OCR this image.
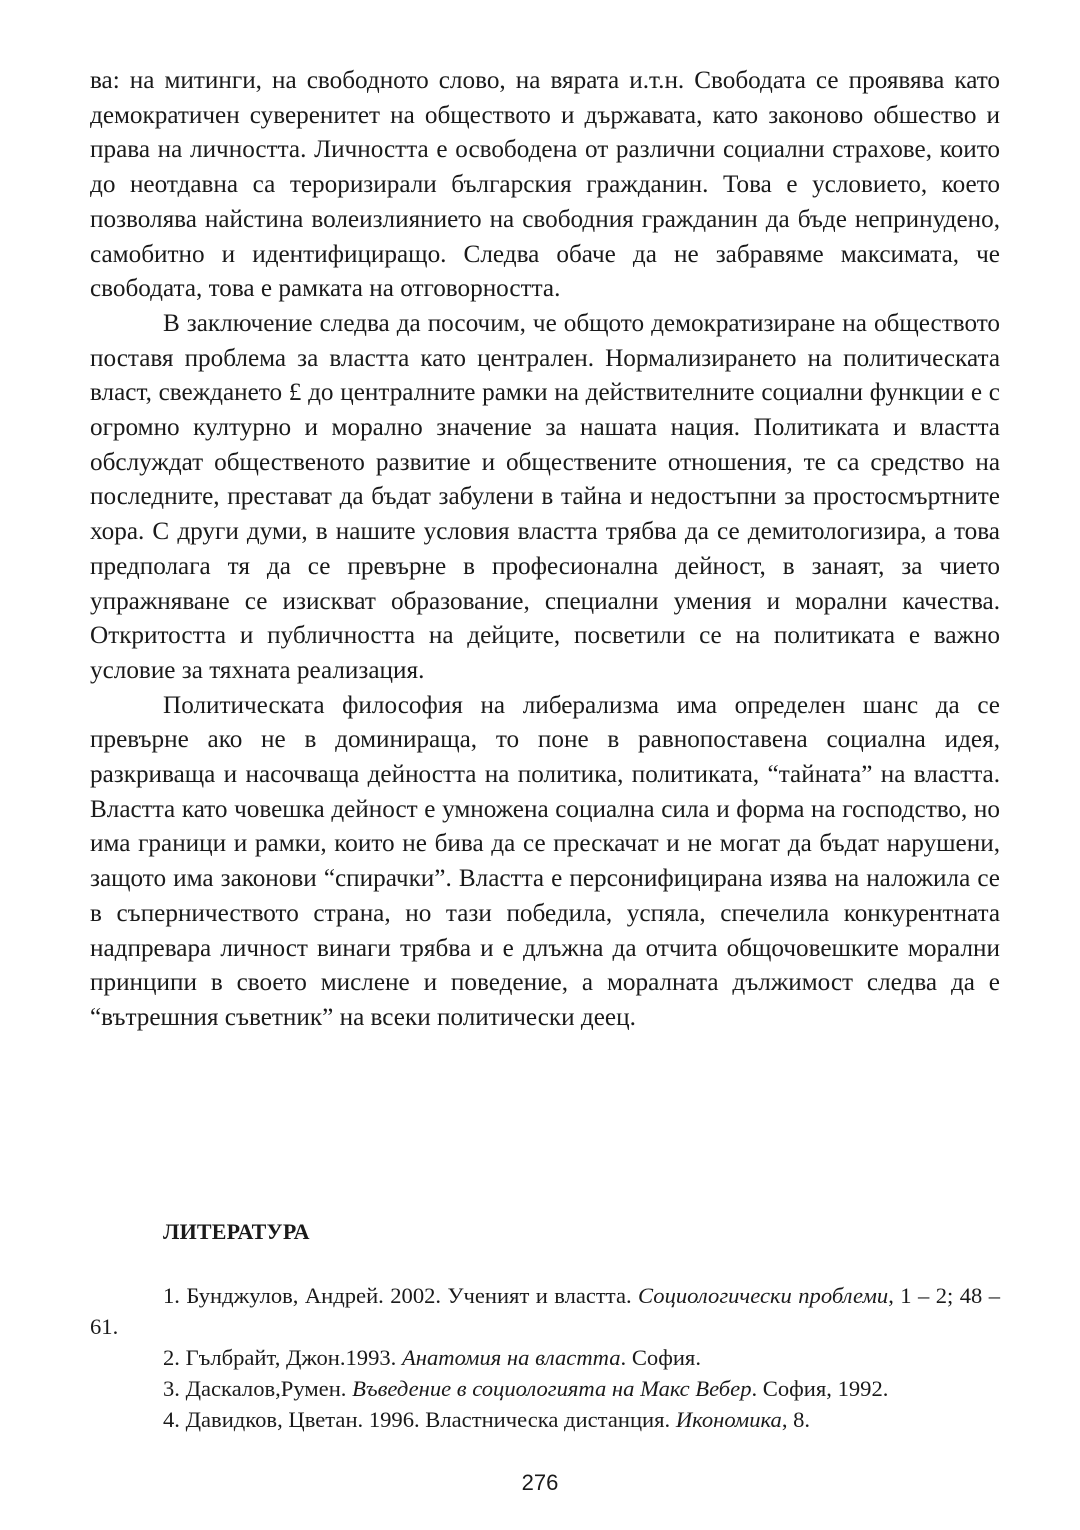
ва: на митинги, на свободното слово, на вярата и.т.н. Свободата се проявява като демократичен суверенитет на обществото и държавата, като законово обшество и права на личността. Личността е освободена от различни социални страхове, които до неотдавна са тероризирали българския гражданин. Това е условието, което позволява найстина волеизлиянието на свободния гражданин да бъде непринудено, самобитно и идентифициращо. Следва обаче да не забравяме максимата, че свободата, това е рамката на отговорността.

В заключение следва да посочим, че общото демократизиране на обществото поставя проблема за властта като централен. Нормализирането на политическата власт, свеждането £ до централните рамки на действителните социални функции е с огромно културно и морално значение за нашата нация. Политиката и властта обслуждат общественото развитие и обществените отношения, те са средство на последните, престават да бъдат забулени в тайна и недостъпни за простосмъртните хора. С други думи, в нашите условия властта трябва да се демитологизира, а това предполага тя да се превърне в професионална дейност, в занаят, за чието упражняване се изискват образование, специални умения и морални качества. Откритостта и публичността на дейците, посветили се на политиката е важно условие за тяхната реализация.

Политическата философия на либерализма има определен шанс да се превърне ако не в доминираща, то поне в равнопоставена социална идея, разкриваща и насочваща дейността на политика, политиката, “тайната” на властта. Властта като човешка дейност е умножена социална сила и форма на господство, но има граници и рамки, които не бива да се прескачат и не могат да бъдат нарушени, защото има законови “спирачки”. Властта е персонифицирана изява на наложила се в съперничеството страна, но тази победила, успяла, спечелила конкурентната надпревара личност винаги трябва и е длъжна да отчита общочовешките морални принципи в своето мислене и поведение, а моралната дължимост следва да е “вътрешния съветник” на всеки политически деец.

ЛИТЕРАТУРА

1. Бунджулов, Андрей. 2002. Ученият и властта. Социологически проблеми, 1 – 2; 48 – 61.

2. Гълбрайт, Джон.1993. Анатомия на властта. София.

3. Даскалов,Румен. Въведение в социологията на Макс Вебер. София, 1992.

4. Давидков, Цветан. 1996. Властническа дистанция. Икономика, 8.

276
